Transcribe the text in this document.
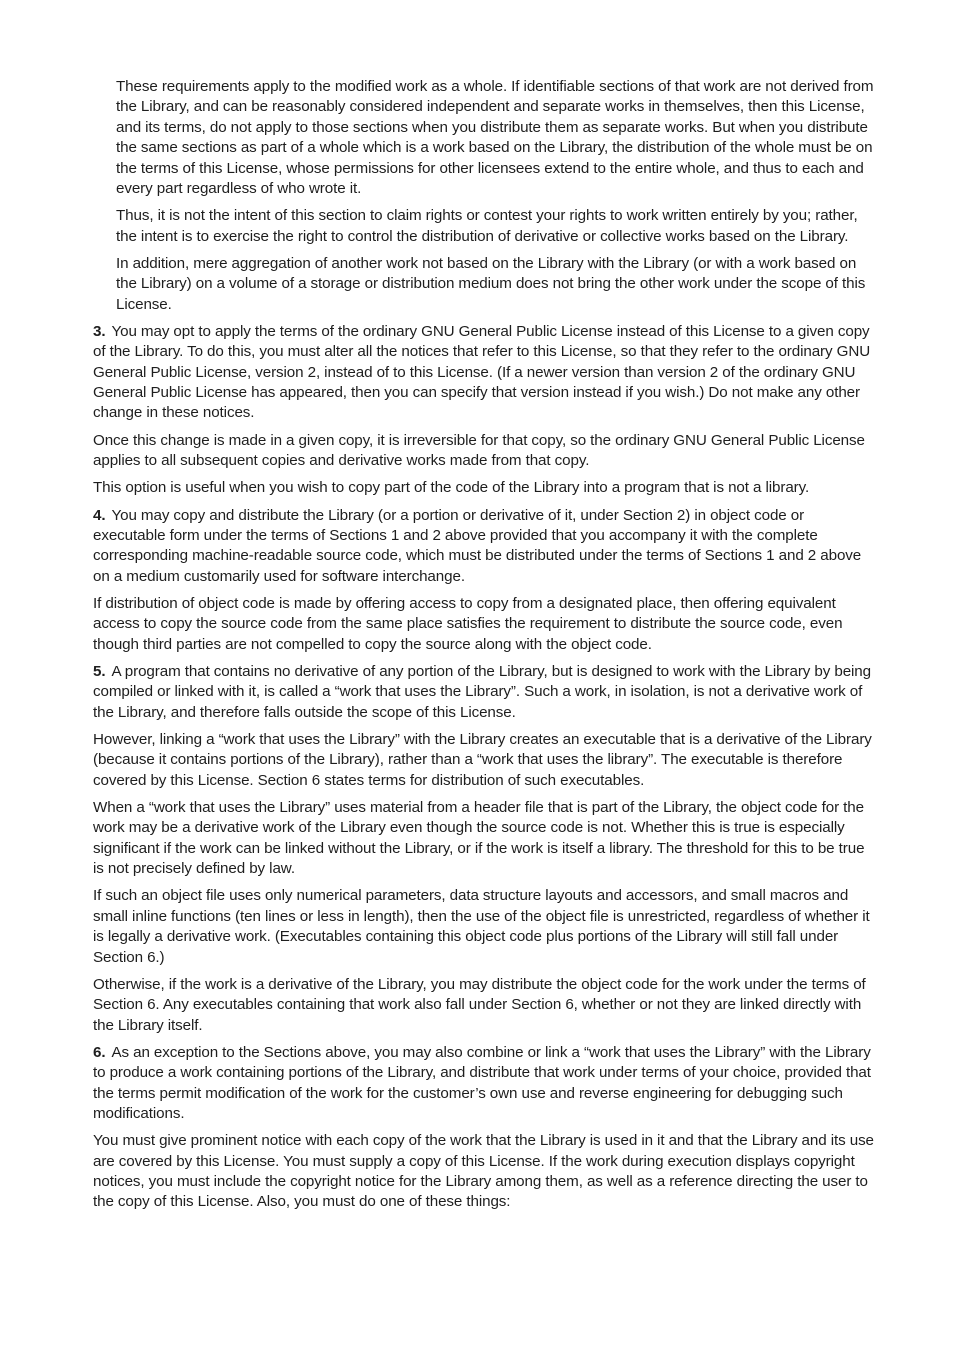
These requirements apply to the modified work as a whole. If identifiable sections of that work are not derived from the Library, and can be reasonably considered independent and separate works in themselves, then this License, and its terms, do not apply to those sections when you distribute them as separate works. But when you distribute the same sections as part of a whole which is a work based on the Library, the distribution of the whole must be on the terms of this License, whose permissions for other licensees extend to the entire whole, and thus to each and every part regardless of who wrote it.

Thus, it is not the intent of this section to claim rights or contest your rights to work written entirely by you; rather, the intent is to exercise the right to control the distribution of derivative or collective works based on the Library.

In addition, mere aggregation of another work not based on the Library with the Library (or with a work based on the Library) on a volume of a storage or distribution medium does not bring the other work under the scope of this License.

3. You may opt to apply the terms of the ordinary GNU General Public License instead of this License to a given copy of the Library. To do this, you must alter all the notices that refer to this License, so that they refer to the ordinary GNU General Public License, version 2, instead of to this License. (If a newer version than version 2 of the ordinary GNU General Public License has appeared, then you can specify that version instead if you wish.) Do not make any other change in these notices.

Once this change is made in a given copy, it is irreversible for that copy, so the ordinary GNU General Public License applies to all subsequent copies and derivative works made from that copy.

This option is useful when you wish to copy part of the code of the Library into a program that is not a library.

4. You may copy and distribute the Library (or a portion or derivative of it, under Section 2) in object code or executable form under the terms of Sections 1 and 2 above provided that you accompany it with the complete corresponding machine-readable source code, which must be distributed under the terms of Sections 1 and 2 above on a medium customarily used for software interchange.

If distribution of object code is made by offering access to copy from a designated place, then offering equivalent access to copy the source code from the same place satisfies the requirement to distribute the source code, even though third parties are not compelled to copy the source along with the object code.

5. A program that contains no derivative of any portion of the Library, but is designed to work with the Library by being compiled or linked with it, is called a “work that uses the Library”. Such a work, in isolation, is not a derivative work of the Library, and therefore falls outside the scope of this License.

However, linking a “work that uses the Library” with the Library creates an executable that is a derivative of the Library (because it contains portions of the Library), rather than a “work that uses the library”. The executable is therefore covered by this License. Section 6 states terms for distribution of such executables.

When a “work that uses the Library” uses material from a header file that is part of the Library, the object code for the work may be a derivative work of the Library even though the source code is not. Whether this is true is especially significant if the work can be linked without the Library, or if the work is itself a library. The threshold for this to be true is not precisely defined by law.

If such an object file uses only numerical parameters, data structure layouts and accessors, and small macros and small inline functions (ten lines or less in length), then the use of the object file is unrestricted, regardless of whether it is legally a derivative work. (Executables containing this object code plus portions of the Library will still fall under Section 6.)

Otherwise, if the work is a derivative of the Library, you may distribute the object code for the work under the terms of Section 6. Any executables containing that work also fall under Section 6, whether or not they are linked directly with the Library itself.

6. As an exception to the Sections above, you may also combine or link a “work that uses the Library” with the Library to produce a work containing portions of the Library, and distribute that work under terms of your choice, provided that the terms permit modification of the work for the customer’s own use and reverse engineering for debugging such modifications.

You must give prominent notice with each copy of the work that the Library is used in it and that the Library and its use are covered by this License. You must supply a copy of this License. If the work during execution displays copyright notices, you must include the copyright notice for the Library among them, as well as a reference directing the user to the copy of this License. Also, you must do one of these things:
